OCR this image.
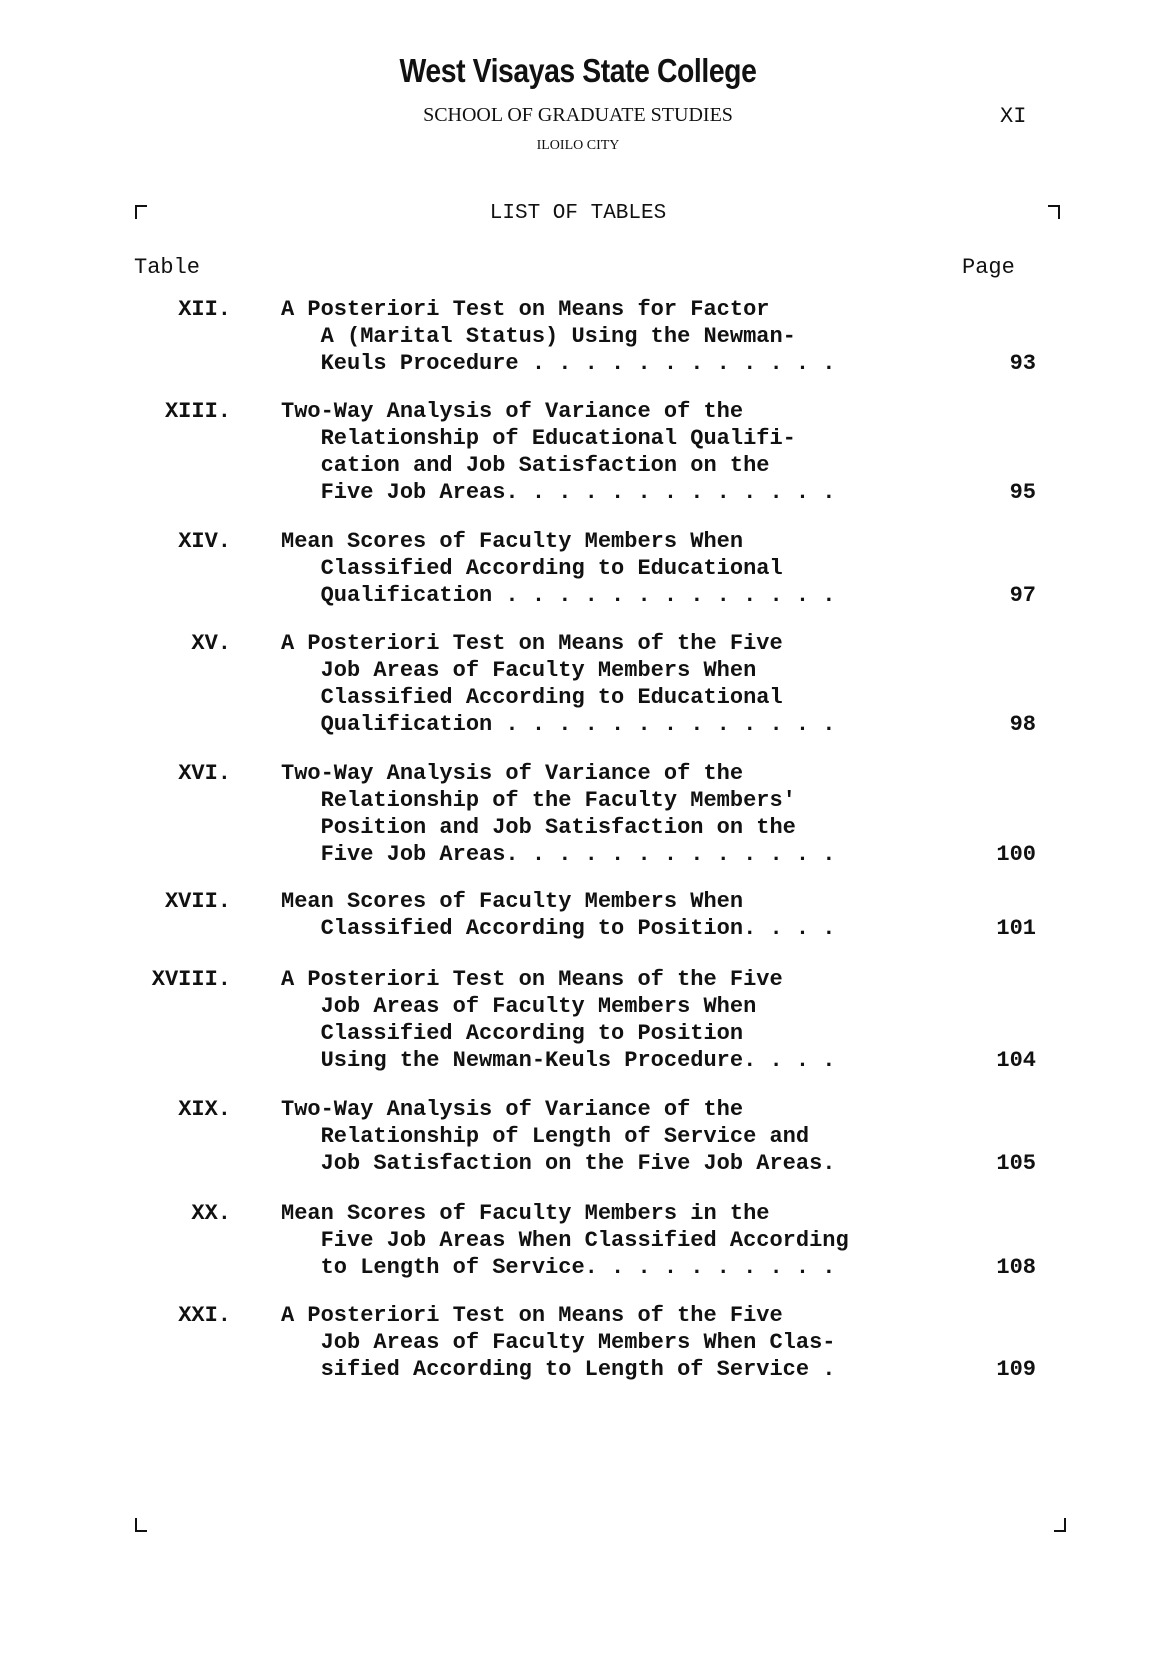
West Visayas State College
SCHOOL OF GRADUATE STUDIES
ILOILO CITY
XI
LIST OF TABLES
Table	Page
XII. A Posteriori Test on Means for Factor
A (Marital Status) Using the Newman-
Keuls Procedure . . . . . . . . . . . .	93
XIII. Two-Way Analysis of Variance of the
Relationship of Educational Qualifi-
cation and Job Satisfaction on the
Five Job Areas. . . . . . . . . . . . .	95
XIV. Mean Scores of Faculty Members When
Classified According to Educational
Qualification . . . . . . . . . . . . .	97
XV. A Posteriori Test on Means of the Five
Job Areas of Faculty Members When
Classified According to Educational
Qualification . . . . . . . . . . . . .	98
XVI. Two-Way Analysis of Variance of the
Relationship of the Faculty Members'
Position and Job Satisfaction on the
Five Job Areas. . . . . . . . . . . . .	100
XVII. Mean Scores of Faculty Members When
Classified According to Position. . . .	101
XVIII. A Posteriori Test on Means of the Five
Job Areas of Faculty Members When
Classified According to Position
Using the Newman-Keuls Procedure. . . .	104
XIX. Two-Way Analysis of Variance of the
Relationship of Length of Service and
Job Satisfaction on the Five Job Areas.	105
XX. Mean Scores of Faculty Members in the
Five Job Areas When Classified According
to Length of Service. . . . . . . . . .	108
XXI. A Posteriori Test on Means of the Five
Job Areas of Faculty Members When Clas-
sified According to Length of Service .	109
